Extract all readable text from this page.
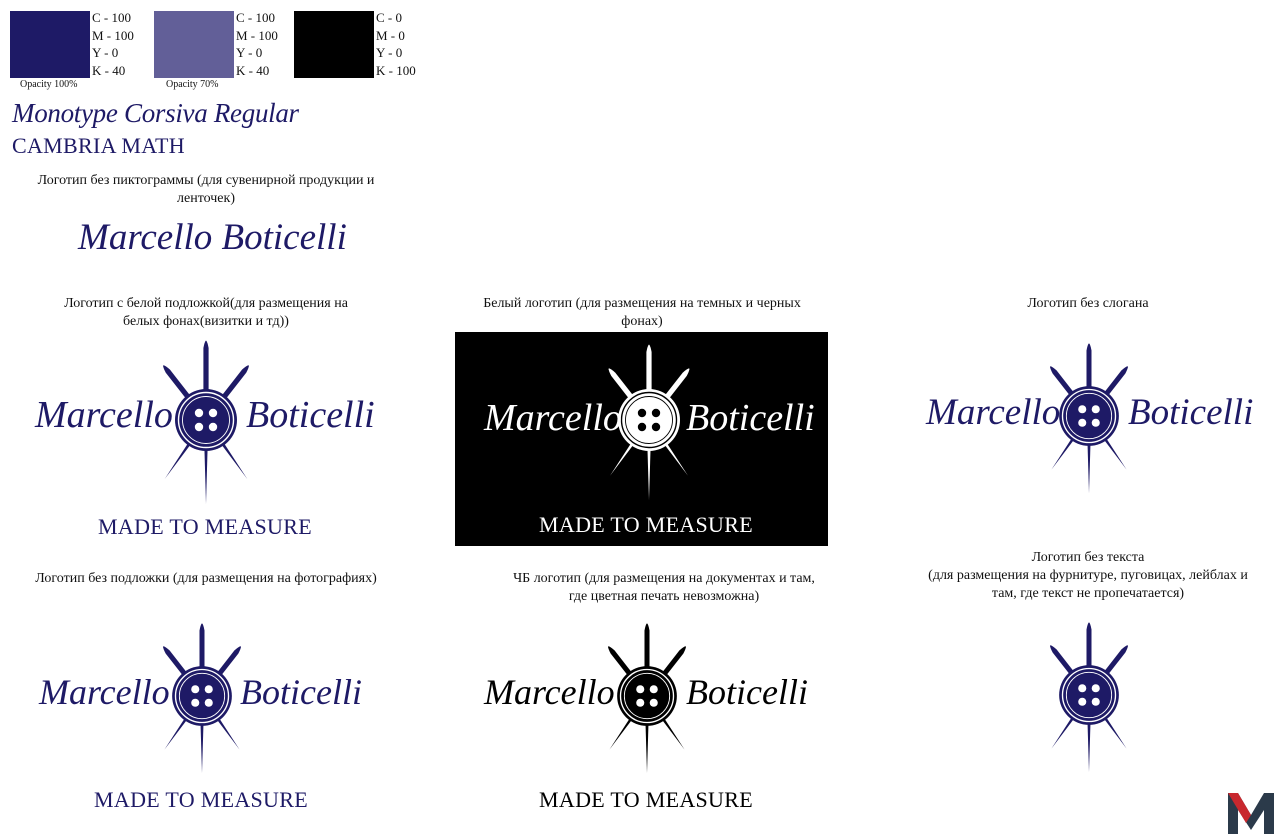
C - 100
M - 100
Y - 0
K - 40
Opacity 100%
C - 100
M - 100
Y - 0
K - 40
Opacity 70%
C - 0
M - 0
Y - 0
K - 100
Monotype Corsiva Regular
CAMBRIA MATH
Логотип без пиктограммы (для сувенирной продукции и
ленточек)
Marcello Boticelli
Логотип с белой подложкой(для размещения на
белых фонах(визитки и тд))
Белый логотип (для размещения на темных и черных
фонах)
Логотип без слогана
Marcello Boticelli
MADE TO MEASURE
Marcello Boticelli
MADE TO MEASURE
Marcello Boticelli
Логотип без подложки (для размещения на фотографиях)	ЧБ логотип (для размещения на документах и там,
где цветная печать невозможна)
Логотип без текста
(для размещения на фурнитуре, пуговицах, лейблах и
там, где текст не пропечатается)
Marcello Boticelli
MADE TO MEASURE
Marcello Boticelli
MADE TO MEASURE
